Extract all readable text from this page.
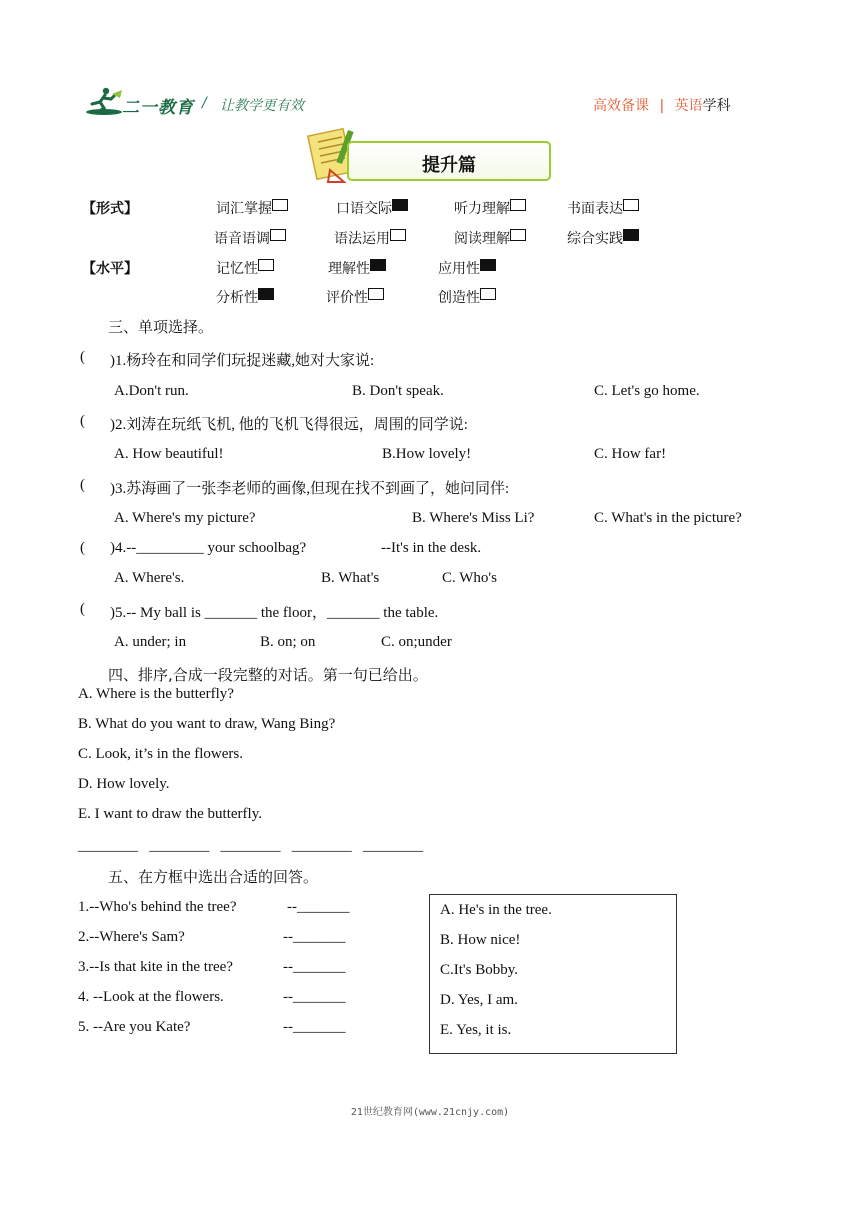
二一教育 / 让教学更有效	高效备课 | 英语学科
提升篇
【形式】	词汇掌握	口语交际	听力理解	书面表达
语音语调	语法运用	阅读理解	综合实践
【水平】	记忆性	理解性	应用性
分析性	评价性	创造性
三、单项选择。
( )1.杨玲在和同学们玩捉迷藏,她对大家说:
A.Don't run.	B. Don't speak.	C. Let's go home.
( )2.刘涛在玩纸飞机, 他的飞机飞得很远，周围的同学说:
A. How beautiful!	B.How lovely!	C. How far!
( )3.苏海画了一张李老师的画像,但现在找不到画了，她问同伴:
A. Where's my picture?	B. Where's Miss Li?	C. What's in the picture?
( )4.--_________ your schoolbag?	--It's in the desk.
A. Where's.	B. What's	C. Who's
( )5.-- My ball is _______ the floor，_______ the table.
A. under; in	B. on; on	C. on;under
四、排序,合成一段完整的对话。第一句已给出。
A. Where is the butterfly?
B. What do you want to draw, Wang Bing?
C. Look, it’s in the flowers.
D. How lovely.
E. I want to draw the butterfly.
________   ________   ________   ________   ________
五、在方框中选出合适的回答。
1.--Who's behind the tree?	--_______
2.--Where's Sam?	--_______
3.--Is that kite in the tree?	--_______
4. --Look at the flowers.	--_______
5. --Are you Kate?	--_______
A. He's in the tree.
B. How nice!
C.It's Bobby.
D. Yes, I am.
E. Yes, it is.
21世纪教育网(www.21cnjy.com)
